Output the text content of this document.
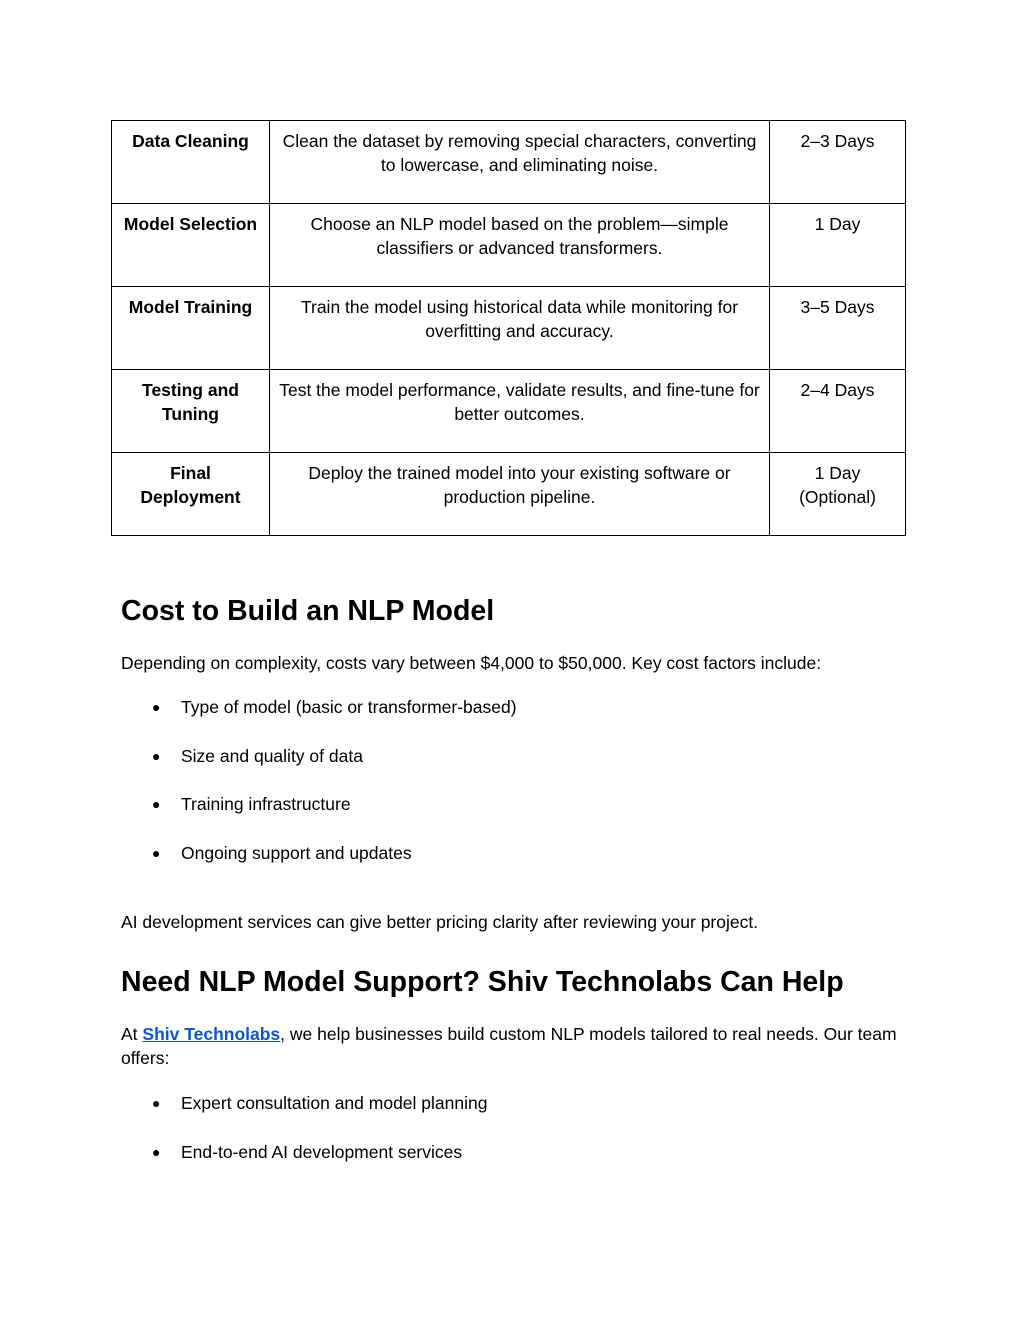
Data Cleaning	Clean the dataset by removing special characters, converting to lowercase, and eliminating noise.	2–3 Days
Model Selection	Choose an NLP model based on the problem—simple classifiers or advanced transformers.	1 Day
Model Training	Train the model using historical data while monitoring for overfitting and accuracy.	3–5 Days
Testing and Tuning	Test the model performance, validate results, and fine-tune for better outcomes.	2–4 Days
Final Deployment	Deploy the trained model into your existing software or production pipeline.	1 Day (Optional)
Cost to Build an NLP Model

Depending on complexity, costs vary between $4,000 to $50,000. Key cost factors include:

● Type of model (basic or transformer-based)
● Size and quality of data
● Training infrastructure
● Ongoing support and updates

AI development services can give better pricing clarity after reviewing your project.

Need NLP Model Support? Shiv Technolabs Can Help

At Shiv Technolabs, we help businesses build custom NLP models tailored to real needs. Our team offers:

● Expert consultation and model planning
● End-to-end AI development services
